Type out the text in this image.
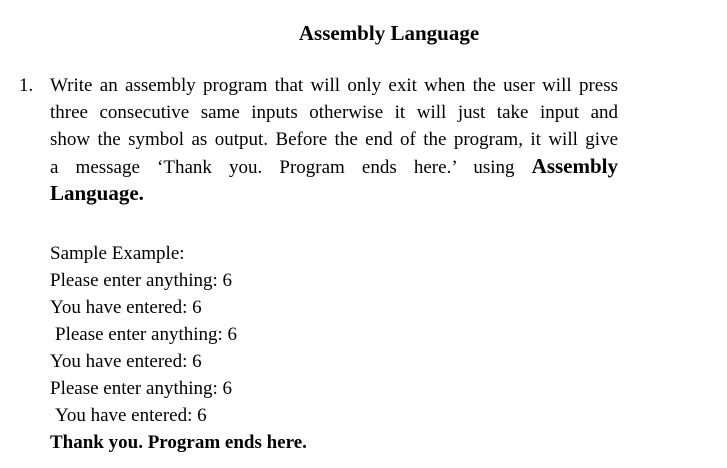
Assembly Language
1. Write an assembly program that will only exit when the user will press
three consecutive same inputs otherwise it will just take input and
show the symbol as output. Before the end of the program, it will give
a message ‘Thank you. Program ends here.’ using Assembly
Language.
Sample Example:
Please enter anything: 6
You have entered: 6
Please enter anything: 6
You have entered: 6
Please enter anything: 6
You have entered: 6
Thank you. Program ends here.
